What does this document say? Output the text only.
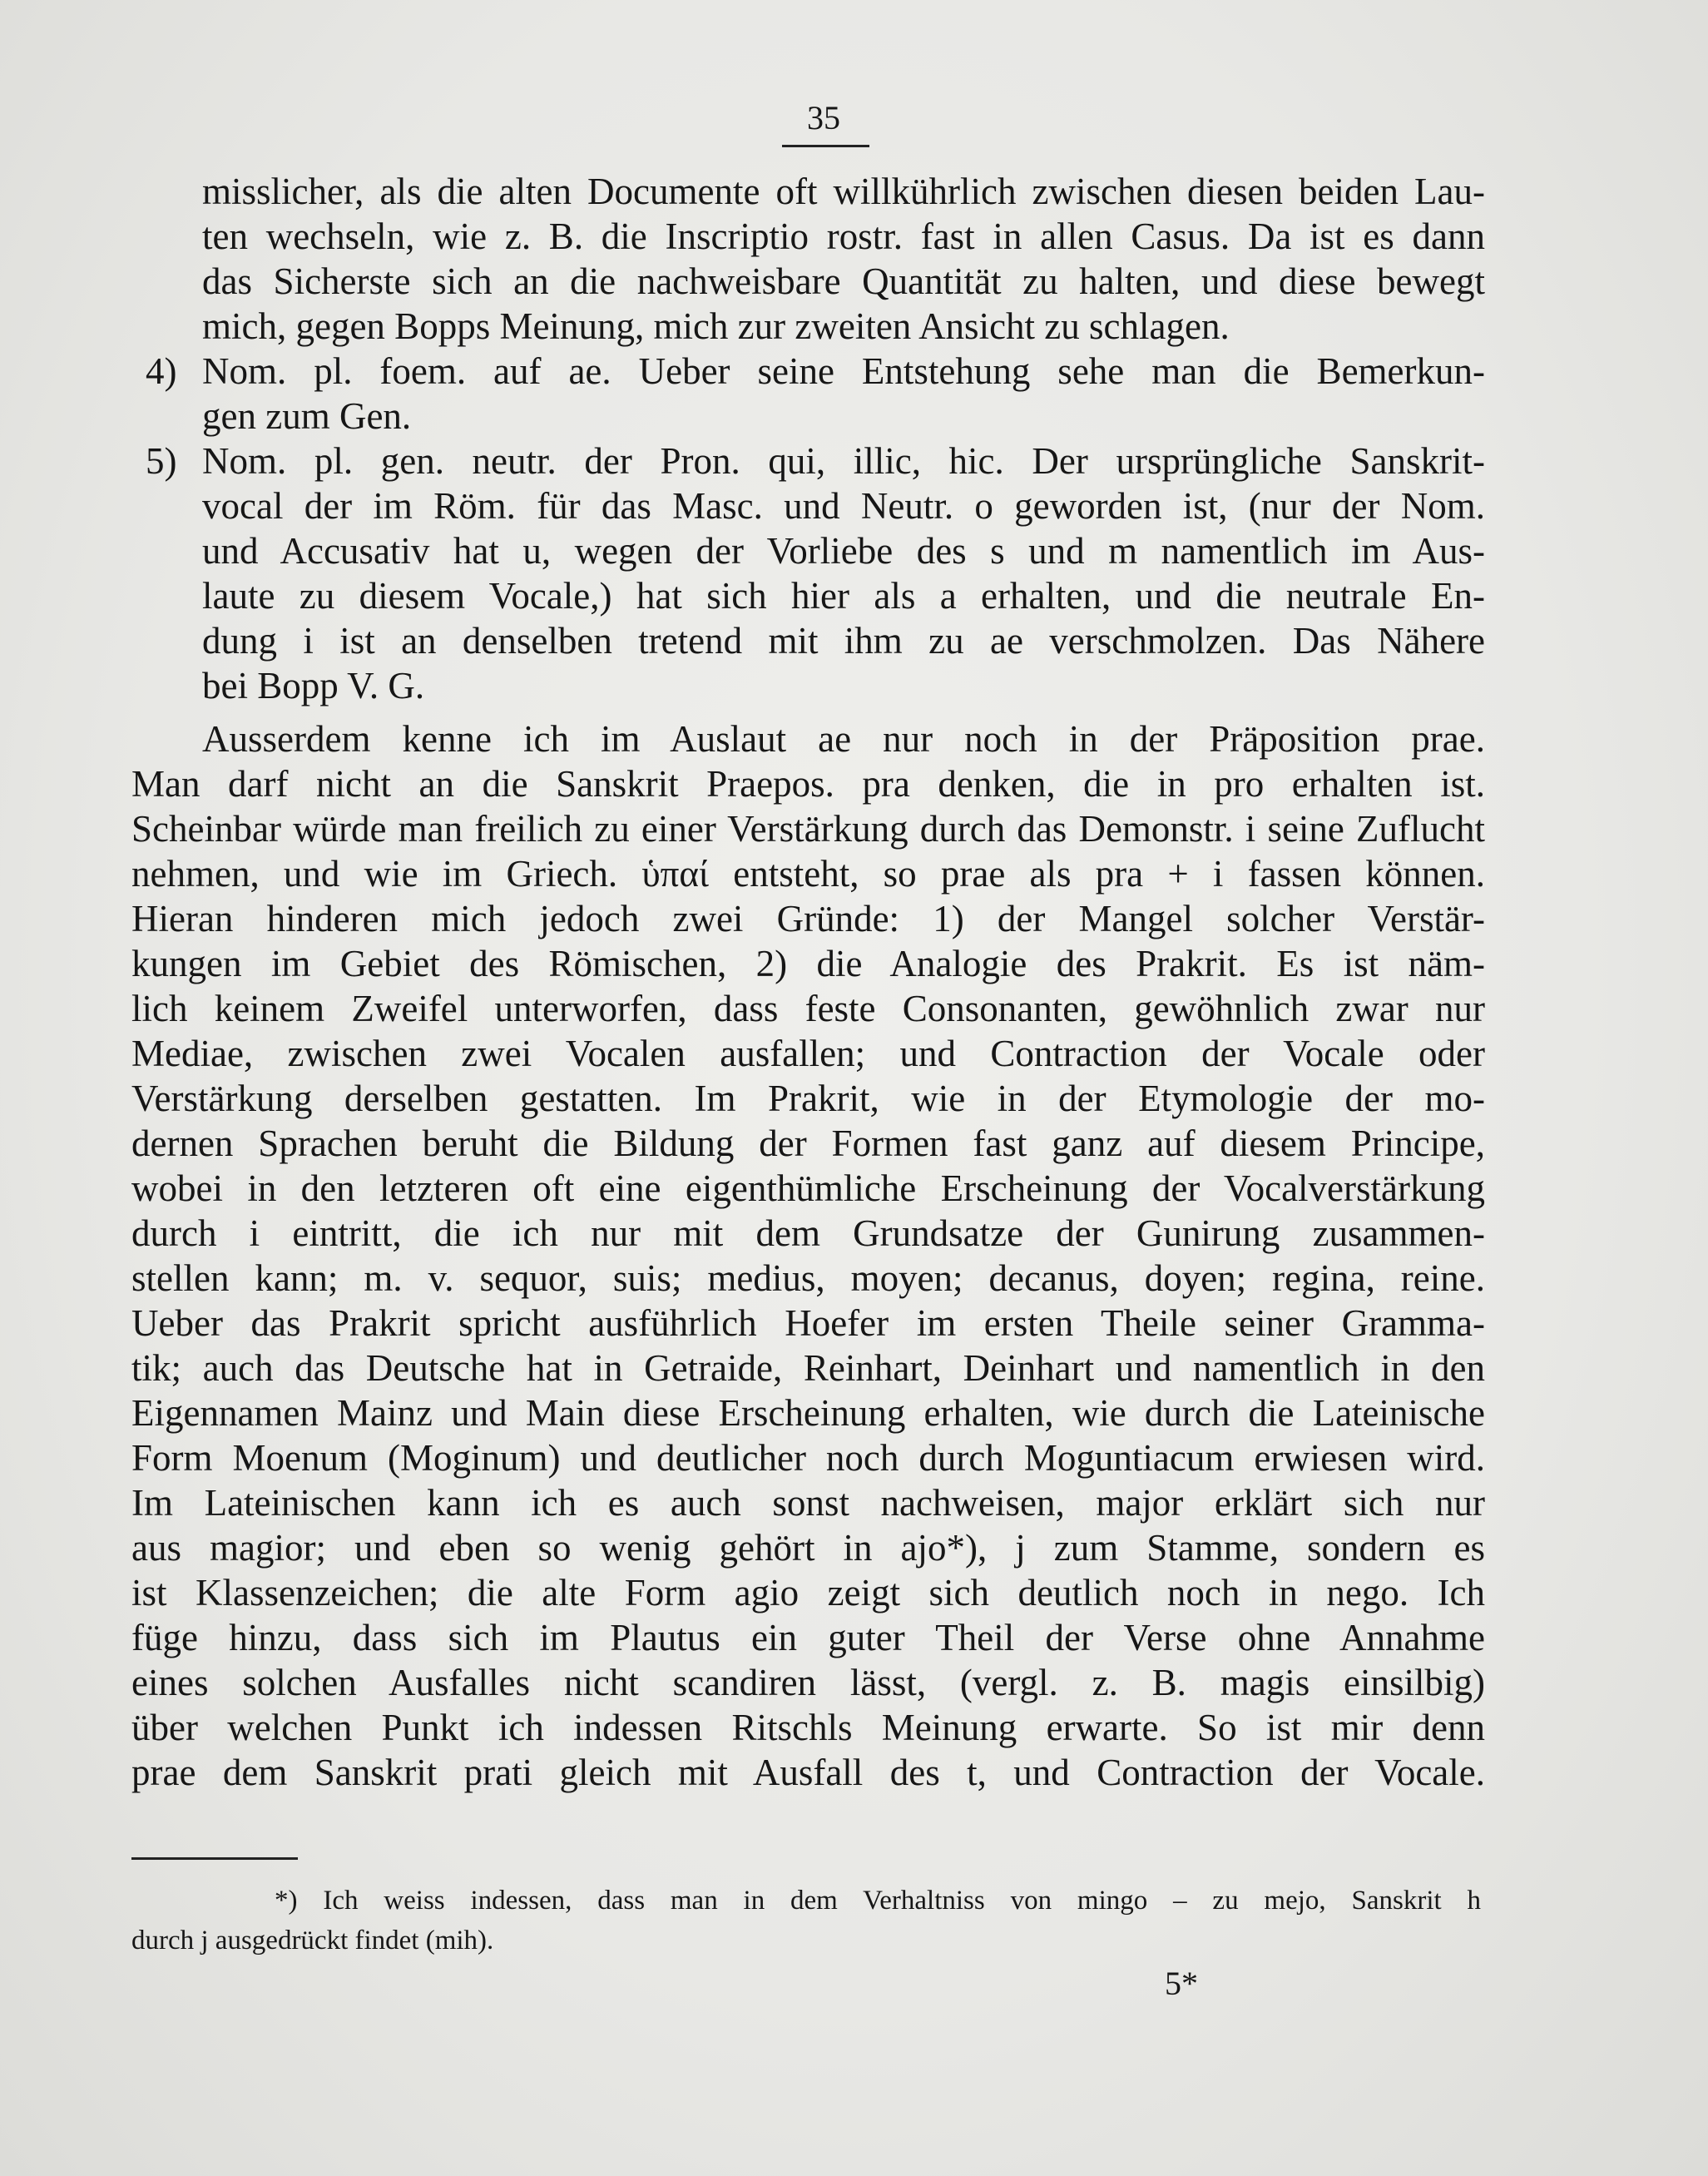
35
misslicher, als die alten Documente oft willkührlich zwischen diesen beiden Lau-
ten wechseln, wie z. B. die Inscriptio rostr. fast in allen Casus. Da ist es dann
das Sicherste sich an die nachweisbare Quantität zu halten, und diese bewegt
mich, gegen Bopps Meinung, mich zur zweiten Ansicht zu schlagen.
4) Nom. pl. foem. auf ae. Ueber seine Entstehung sehe man die Bemerkun-
gen zum Gen.
5) Nom. pl. gen. neutr. der Pron. qui, illic, hic. Der ursprüngliche Sanskrit-
vocal der im Röm. für das Masc. und Neutr. o geworden ist, (nur der Nom.
und Accusativ hat u, wegen der Vorliebe des s und m namentlich im Aus-
laute zu diesem Vocale,) hat sich hier als a erhalten, und die neutrale En-
dung i ist an denselben tretend mit ihm zu ae verschmolzen. Das Nähere
bei Bopp V. G.
Ausserdem kenne ich im Auslaut ae nur noch in der Präposition prae.
Man darf nicht an die Sanskrit Praepos. pra denken, die in pro erhalten ist.
Scheinbar würde man freilich zu einer Verstärkung durch das Demonstr. i seine Zuflucht
nehmen, und wie im Griech. ὑπαί entsteht, so prae als pra + i fassen können.
Hieran hinderen mich jedoch zwei Gründe: 1) der Mangel solcher Verstär-
kungen im Gebiet des Römischen, 2) die Analogie des Prakrit. Es ist näm-
lich keinem Zweifel unterworfen, dass feste Consonanten, gewöhnlich zwar nur
Mediae, zwischen zwei Vocalen ausfallen; und Contraction der Vocale oder
Verstärkung derselben gestatten. Im Prakrit, wie in der Etymologie der mo-
dernen Sprachen beruht die Bildung der Formen fast ganz auf diesem Principe,
wobei in den letzteren oft eine eigenthümliche Erscheinung der Vocalverstärkung
durch i eintritt, die ich nur mit dem Grundsatze der Gunirung zusammen-
stellen kann; m. v. sequor, suis; medius, moyen; decanus, doyen; regina, reine.
Ueber das Prakrit spricht ausführlich Hoefer im ersten Theile seiner Gramma-
tik; auch das Deutsche hat in Getraide, Reinhart, Deinhart und namentlich in den
Eigennamen Mainz und Main diese Erscheinung erhalten, wie durch die Lateinische
Form Moenum (Moginum) und deutlicher noch durch Moguntiacum erwiesen wird.
Im Lateinischen kann ich es auch sonst nachweisen, major erklärt sich nur
aus magior; und eben so wenig gehört in ajo*), j zum Stamme, sondern es
ist Klassenzeichen; die alte Form agio zeigt sich deutlich noch in nego. Ich
füge hinzu, dass sich im Plautus ein guter Theil der Verse ohne Annahme
eines solchen Ausfalles nicht scandiren lässt, (vergl. z. B. magis einsilbig)
über welchen Punkt ich indessen Ritschls Meinung erwarte. So ist mir denn
prae dem Sanskrit prati gleich mit Ausfall des t, und Contraction der Vocale.
*) Ich weiss indessen, dass man in dem Verhaltniss von mingo – zu mejo, Sanskrit h
durch j ausgedrückt findet (mih).
5*
